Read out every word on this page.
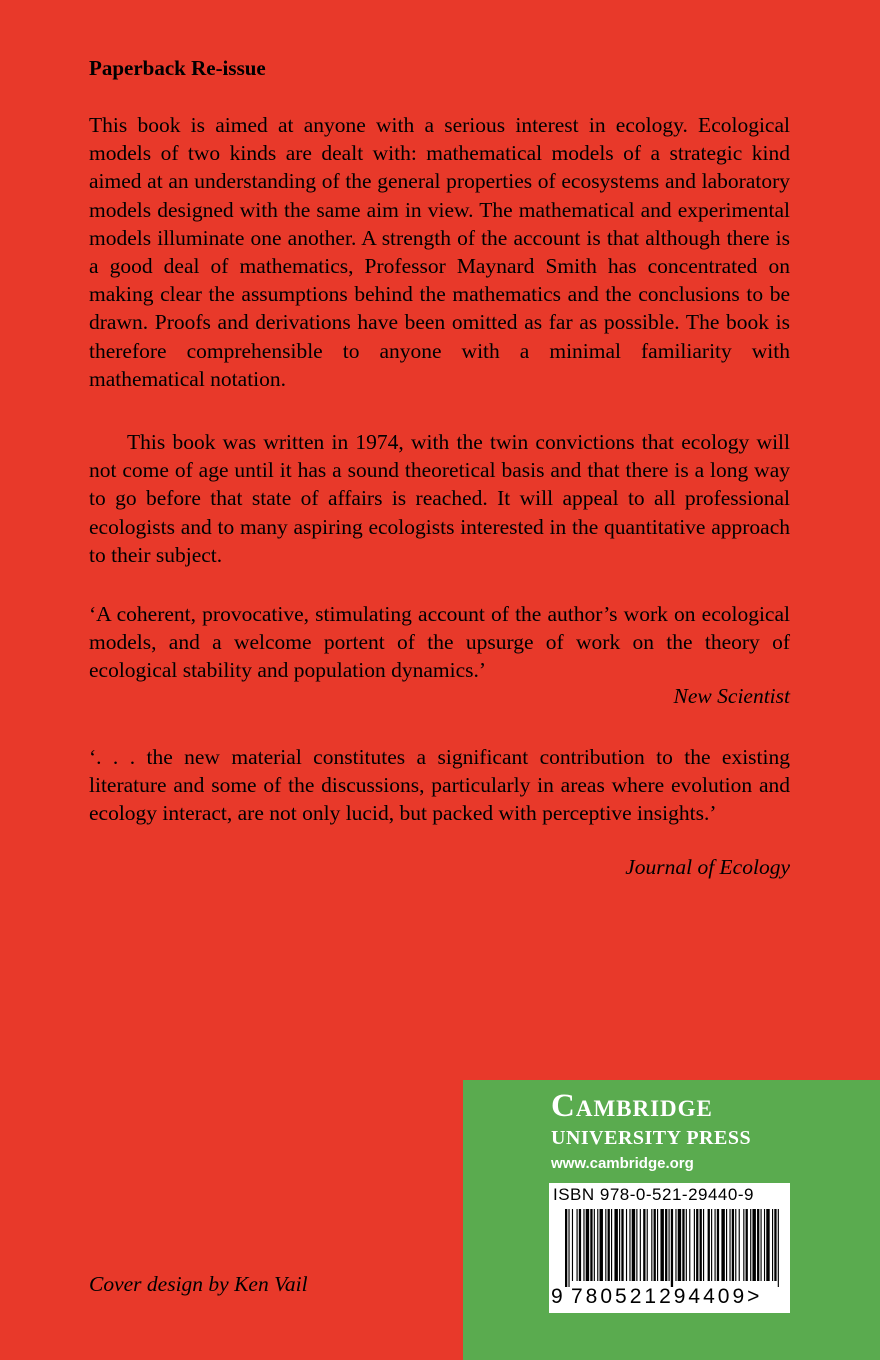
Paperback Re-issue

This book is aimed at anyone with a serious interest in ecology. Ecological models of two kinds are dealt with: mathematical models of a strategic kind aimed at an understanding of the general properties of ecosystems and laboratory models designed with the same aim in view. The mathematical and experimental models illuminate one another. A strength of the account is that although there is a good deal of mathematics, Professor Maynard Smith has concentrated on making clear the assumptions behind the mathematics and the conclusions to be drawn. Proofs and derivations have been omitted as far as possible. The book is therefore comprehensible to anyone with a minimal familiarity with mathematical notation.

This book was written in 1974, with the twin convictions that ecology will not come of age until it has a sound theoretical basis and that there is a long way to go before that state of affairs is reached. It will appeal to all professional ecologists and to many aspiring ecologists interested in the quantitative approach to their subject.

‘A coherent, provocative, stimulating account of the author’s work on ecological models, and a welcome portent of the upsurge of work on the theory of ecological stability and population dynamics.’

New Scientist

‘. . . the new material constitutes a significant contribution to the existing literature and some of the discussions, particularly in areas where evolution and ecology interact, are not only lucid, but packed with perceptive insights.’

Journal of Ecology

Cover design by Ken Vail

Cambridge

UNIVERSITY PRESS

www.cambridge.org

ISBN 978-0-521-29440-9

9 780521294409>
